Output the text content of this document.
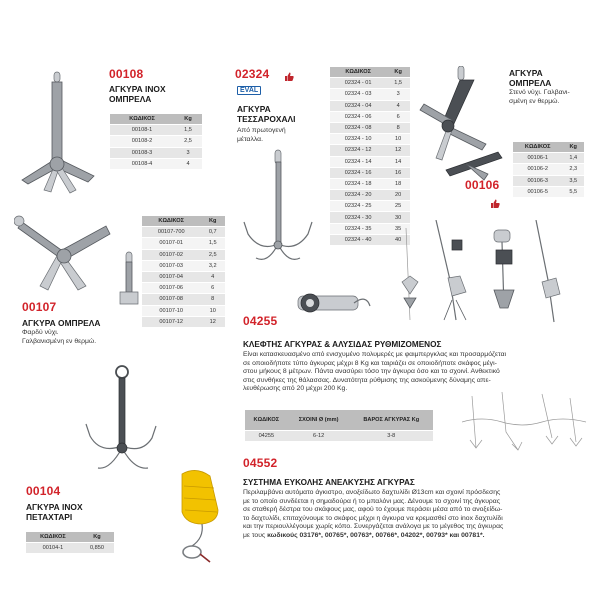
00108
ΑΓΚΥΡΑ INOX
ΟΜΠΡΕΛΑ
ΚΩΔΙΚΟΣ	Kg
00108-1	1,5
00108-2	2,5
00108-3	3
00108-4	4
02324
EVAL
ΑΓΚΥΡΑ
ΤΕΣΣΑΡΟΧΑΛΙ
Από πρωτογενή
μέταλλα.
ΚΩΔΙΚΟΣ	Kg
02324 - 01	1,5
02324 - 03	3
02324 - 04	4
02324 - 06	6
02324 - 08	8
02324 - 10	10
02324 - 12	12
02324 - 14	14
02324 - 16	16
02324 - 18	18
02324 - 20	20
02324 - 25	25
02324 - 30	30
02324 - 35	35
02324 - 40	40
ΑΓΚΥΡΑ
ΟΜΠΡΕΛΑ
Στενό νύχι. Γαλβανι-
σμένη εν θερμώ.
00106
ΚΩΔΙΚΟΣ	Kg
00106-1	1,4
00106-2	2,3
00106-3	3,5
00106-5	5,5
00107
ΑΓΚΥΡΑ ΟΜΠΡΕΛΑ
Φαρδύ νύχι.
Γαλβανισμένη εν θερμώ.
ΚΩΔΙΚΟΣ	Kg
00107-700	0,7
00107-01	1,5
00107-02	2,5
00107-03	3,2
00107-04	4
00107-06	6
00107-08	8
00107-10	10
00107-12	12 04255
ΚΛΕΦΤΗΣ ΑΓΚΥΡΑΣ & ΑΛΥΣΙΔΑΣ ΡΥΘΜΙΖΟΜΕΝΟΣ
Είναι κατασκευασμένο από ενισχυμένο πολυμερές με φαιμπεργκλας και προσαρμόζεται
σε οποιοδήποτε τύπο άγκυρας μέχρι 8 Kg και ταιριάζει σε οποιοδήποτε σκάφος μέγι-
στου μήκους 8 μέτρων. Πάντα ανασύρει τόσο την άγκυρα όσο και το σχοινί. Ανθεκτικό
στις συνθήκες της θάλασσας. Δυνατότητα ρύθμισης της ασκούμενης δύναμης απε-
λευθέρωσης από 20 μέχρι 200 Kg.
ΚΩΔΙΚΟΣ	ΣΧΟΙΝΙ Ø (mm)	ΒΑΡΟΣ ΑΓΚΥΡΑΣ Kg
04255	6-12	3-8
00104
ΑΓΚΥΡΑ INOX
ΠΕΤΑΧΤΑΡΙ
ΚΩΔΙΚΟΣ	Kg
00104-1	0,850
04552
ΣΥΣΤΗΜΑ ΕΥΚΟΛΗΣ ΑΝΕΛΚΥΣΗΣ ΑΓΚΥΡΑΣ
Περιλαμβάνει αυτόματο άγκιστρο, ανοξείδωτο δαχτυλίδι Ø13cm και σχοινί πρόσδεσης
με το οποίο συνδέεται η σημαδούρα ή το μπαλόνι μας. Δένουμε το σχοινί της άγκυρας
σε σταθερή δέστρα του σκάφους μας, αφού το έχουμε περάσει μέσα από το ανοξείδω-
το δαχτυλίδι, επιταχύνουμε το σκάφος μέχρι η άγκυρα να κρεμασθεί στο inox δαχτυλίδι
και την περιουλλέγουμε χωρίς κόπο. Συνεργάζεται ανάλογα με το μέγεθος της άγκυρας
με τους κωδικούς 03176*, 00765*, 00763*, 00766*, 04202*, 00793* και 00781*.
